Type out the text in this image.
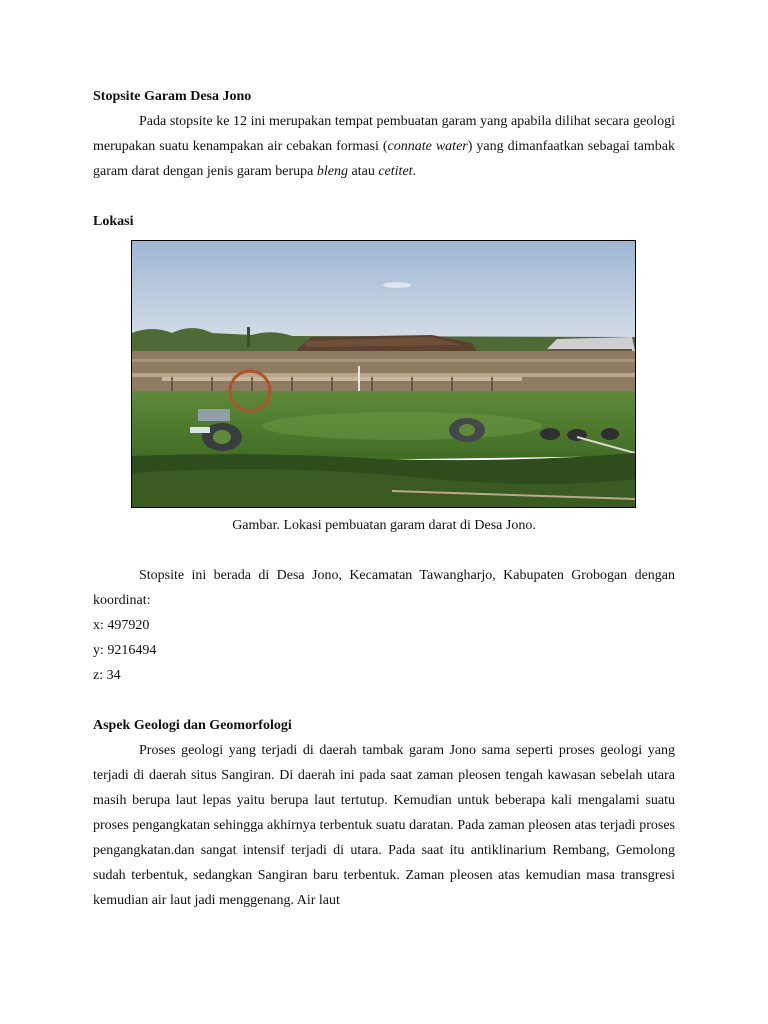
Stopsite Garam Desa Jono

Pada stopsite ke 12 ini merupakan tempat pembuatan garam yang apabila dilihat secara geologi merupakan suatu kenampakan air cebakan formasi (connate water) yang dimanfaatkan sebagai tambak garam darat dengan jenis garam berupa bleng atau cetitet.

Lokasi
Gambar. Lokasi pembuatan garam darat di Desa Jono.

Stopsite ini berada di Desa Jono, Kecamatan Tawangharjo, Kabupaten Grobogan dengan koordinat:

x: 497920
y: 9216494
z: 34
Aspek Geologi dan Geomorfologi

Proses geologi yang terjadi di daerah tambak garam Jono sama seperti proses geologi yang terjadi di daerah situs Sangiran. Di daerah ini pada saat zaman pleosen tengah kawasan sebelah utara masih berupa laut lepas yaitu berupa laut tertutup. Kemudian untuk beberapa kali mengalami suatu proses pengangkatan sehingga akhirnya terbentuk suatu daratan. Pada zaman pleosen atas terjadi proses pengangkatan.dan sangat intensif terjadi di utara. Pada saat itu antiklinarium Rembang, Gemolong sudah terbentuk, sedangkan Sangiran baru terbentuk. Zaman pleosen atas kemudian masa transgresi kemudian air laut jadi menggenang. Air laut
